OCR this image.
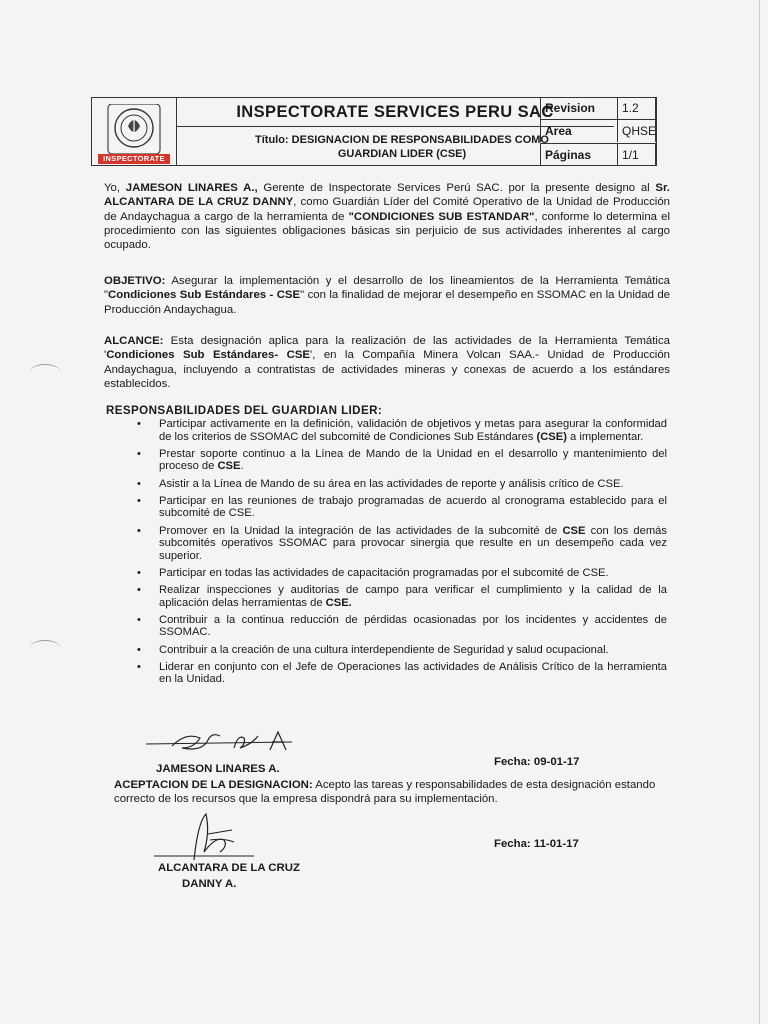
INSPECTORATE
INSPECTORATE SERVICES PERU SAC
Título: DESIGNACION DE RESPONSABILIDADES COMO
GUARDIAN LIDER (CSE)
Revision	1.2
Area	QHSE
Páginas	1/1

Yo, JAMESON LINARES A., Gerente de Inspectorate Services Perú SAC. por la presente designo al Sr. ALCANTARA DE LA CRUZ DANNY, como Guardián Líder del Comité Operativo de la Unidad de Producción de Andaychagua a cargo de la herramienta de "CONDICIONES SUB ESTANDAR", conforme lo determina el procedimiento con las siguientes obligaciones básicas sin perjuicio de sus actividades inherentes al cargo ocupado.

OBJETIVO: Asegurar la implementación y el desarrollo de los lineamientos de la Herramienta Temática "Condiciones Sub Estándares - CSE" con la finalidad de mejorar el desempeño en SSOMAC en la Unidad de Producción Andaychagua.

ALCANCE: Esta designación aplica para la realización de las actividades de la Herramienta Temática 'Condiciones Sub Estándares- CSE', en la Compañía Minera Volcan SAA.- Unidad de Producción Andaychagua, incluyendo a contratistas de actividades mineras y conexas de acuerdo a los estándares establecidos.

RESPONSABILIDADES DEL GUARDIAN LIDER:
• Participar activamente en la definición, validación de objetivos y metas para asegurar la conformidad de los criterios de SSOMAC del subcomité de Condiciones Sub Estándares (CSE) a implementar.
• Prestar soporte continuo a la Línea de Mando de la Unidad en el desarrollo y mantenimiento del proceso de CSE.
• Asistir a la Línea de Mando de su área en las actividades de reporte y análisis crítico de CSE.
• Participar en las reuniones de trabajo programadas de acuerdo al cronograma establecido para el subcomité de CSE.
• Promover en la Unidad la integración de las actividades de la subcomité de CSE con los demás subcomités operativos SSOMAC para provocar sinergia que resulte en un desempeño cada vez superior.
• Participar en todas las actividades de capacitación programadas por el subcomité de CSE.
• Realizar inspecciones y auditorias de campo para verificar el cumplimiento y la calidad de la aplicación delas herramientas de CSE.
• Contribuir a la continua reducción de pérdidas ocasionadas por los incidentes y accidentes de SSOMAC.
• Contribuir a la creación de una cultura interdependiente de Seguridad y salud ocupacional.
• Liderar en conjunto con el Jefe de Operaciones las actividades de Análisis Crítico de la herramienta en la Unidad.
JAMESON LINARES A.
Fecha: 09-01-17
ACEPTACION DE LA DESIGNACION: Acepto las tareas y responsabilidades de esta designación estando correcto de los recursos que la empresa dispondrá para su implementación.
Fecha: 11-01-17
ALCANTARA DE LA CRUZ
DANNY A.
